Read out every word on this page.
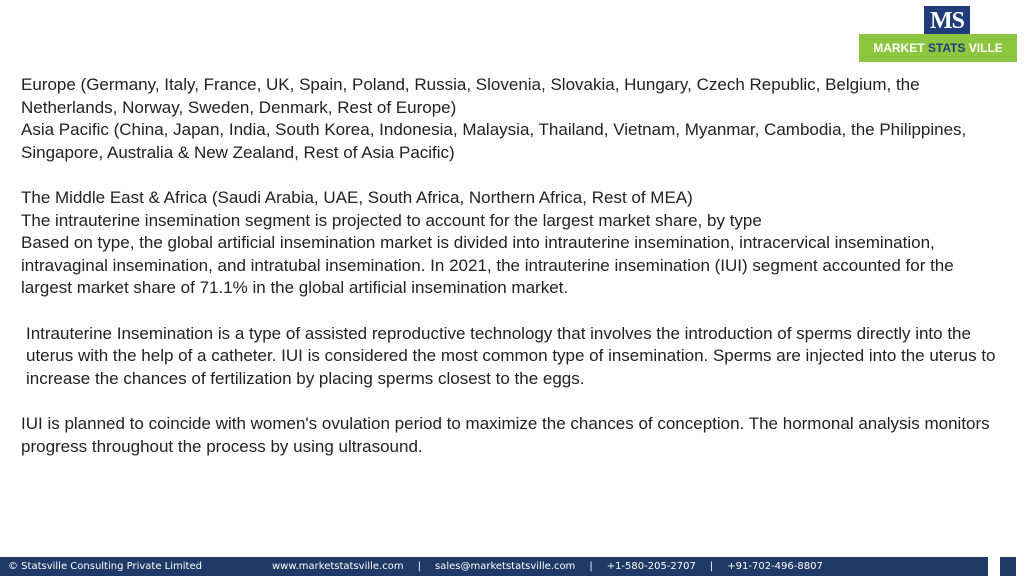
MS
MARKET STATS VILLE

Europe (Germany, Italy, France, UK, Spain, Poland, Russia, Slovenia, Slovakia, Hungary, Czech Republic, Belgium, the Netherlands, Norway, Sweden, Denmark, Rest of Europe)

Asia Pacific (China, Japan, India, South Korea, Indonesia, Malaysia, Thailand, Vietnam, Myanmar, Cambodia, the Philippines, Singapore, Australia & New Zealand, Rest of Asia Pacific)

The Middle East & Africa (Saudi Arabia, UAE, South Africa, Northern Africa, Rest of MEA)

The intrauterine insemination segment is projected to account for the largest market share, by type

Based on type, the global artificial insemination market is divided into intrauterine insemination, intracervical insemination, intravaginal insemination, and intratubal insemination. In 2021, the intrauterine insemination (IUI) segment accounted for the largest market share of 71.1% in the global artificial insemination market.

Intrauterine Insemination is a type of assisted reproductive technology that involves the introduction of sperms directly into the uterus with the help of a catheter. IUI is considered the most common type of insemination. Sperms are injected into the uterus to increase the chances of fertilization by placing sperms closest to the eggs.

IUI is planned to coincide with women's ovulation period to maximize the chances of conception. The hormonal analysis monitors progress throughout the process by using ultrasound.

© Statsville Consulting Private Limited	www.marketstatsville.com | sales@marketstatsville.com | +1-580-205-2707 | +91-702-496-8807
